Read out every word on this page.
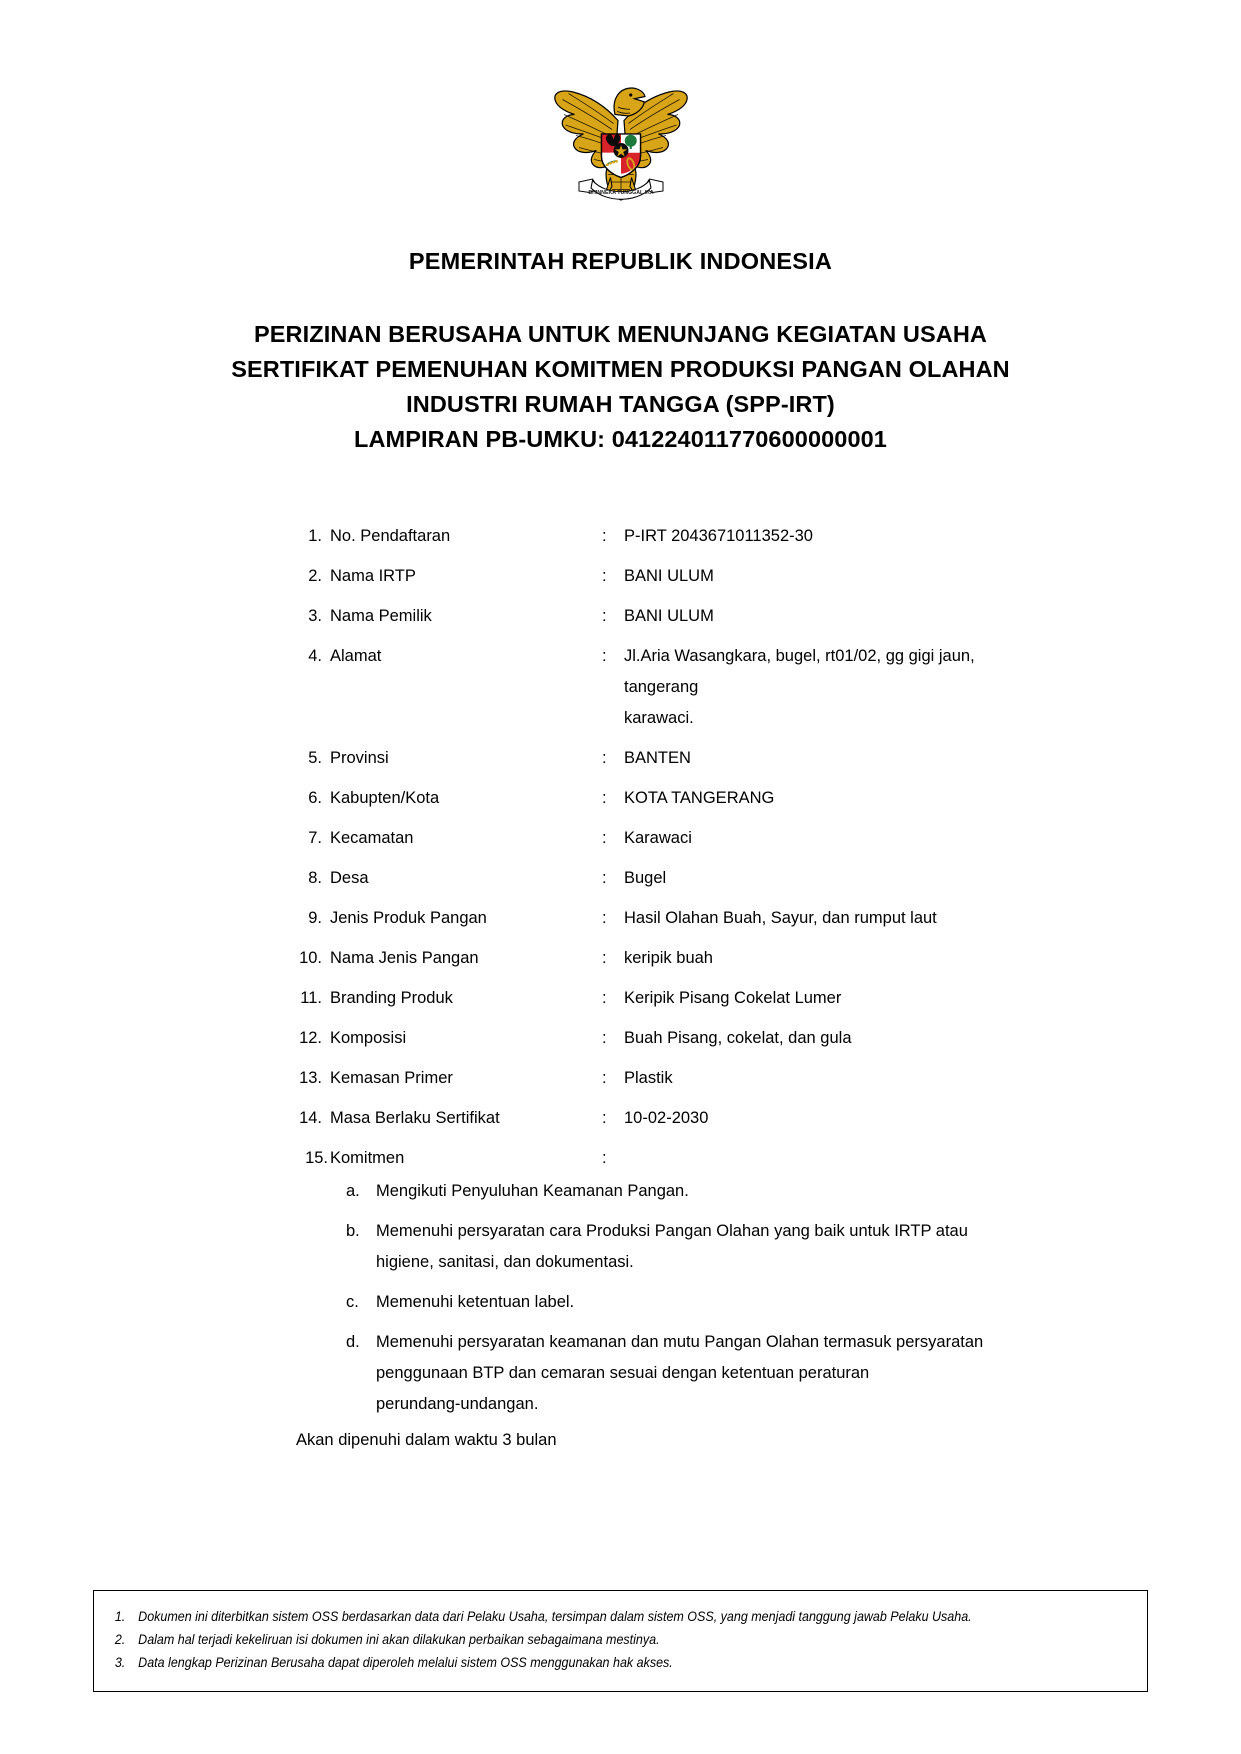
BHINNEKA TUNGGAL IKA
PEMERINTAH REPUBLIK INDONESIA
PERIZINAN BERUSAHA UNTUK MENUNJANG KEGIATAN USAHA
SERTIFIKAT PEMENUHAN KOMITMEN PRODUKSI PANGAN OLAHAN
INDUSTRI RUMAH TANGGA (SPP-IRT)
LAMPIRAN PB-UMKU: 041224011770600000001
1. No. Pendaftaran	:	P-IRT 2043671011352-30
2. Nama IRTP	:	BANI ULUM
3. Nama Pemilik	:	BANI ULUM
4. Alamat	:	Jl.Aria Wasangkara, bugel, rt01/02, gg gigi jaun, tangerang
karawaci.
5. Provinsi	:	BANTEN
6. Kabupten/Kota	:	KOTA TANGERANG
7. Kecamatan	:	Karawaci
8. Desa	:	Bugel
9. Jenis Produk Pangan	:	Hasil Olahan Buah, Sayur, dan rumput laut
10. Nama Jenis Pangan	:	keripik buah
11. Branding Produk	:	Keripik Pisang Cokelat Lumer
12. Komposisi	:	Buah Pisang, cokelat, dan gula
13. Kemasan Primer	:	Plastik
14. Masa Berlaku Sertifikat	:	10-02-2030
15. Komitmen	:
a. Mengikuti Penyuluhan Keamanan Pangan.
b. Memenuhi persyaratan cara Produksi Pangan Olahan yang baik untuk IRTP atau
higiene, sanitasi, dan dokumentasi.
c.	Memenuhi ketentuan label.
d. Memenuhi persyaratan keamanan dan mutu Pangan Olahan termasuk persyaratan
penggunaan BTP dan cemaran sesuai dengan ketentuan peraturan
perundang-undangan.
Akan dipenuhi dalam waktu 3 bulan
1. Dokumen ini diterbitkan sistem OSS berdasarkan data dari Pelaku Usaha, tersimpan dalam sistem OSS, yang menjadi tanggung jawab Pelaku Usaha.
2. Dalam hal terjadi kekeliruan isi dokumen ini akan dilakukan perbaikan sebagaimana mestinya.
3. Data lengkap Perizinan Berusaha dapat diperoleh melalui sistem OSS menggunakan hak akses.
